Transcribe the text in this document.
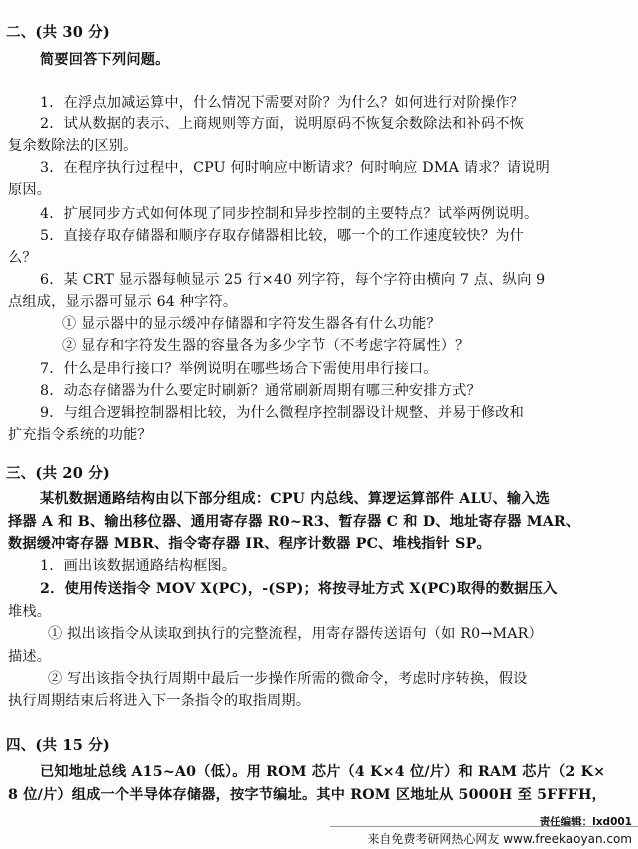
二、(共 30 分)
简要回答下列问题。
1．在浮点加减运算中，什么情况下需要对阶？为什么？如何进行对阶操作？
2．试从数据的表示、上商规则等方面，说明原码不恢复余数除法和补码不恢
复余数除法的区别。
3．在程序执行过程中，CPU 何时响应中断请求？何时响应 DMA 请求？请说明
原因。
4．扩展同步方式如何体现了同步控制和异步控制的主要特点？试举两例说明。
5．直接存取存储器和顺序存取存储器相比较，哪一个的工作速度较快？为什
么？
6．某 CRT 显示器每帧显示 25 行×40 列字符，每个字符由横向 7 点、纵向 9
点组成，显示器可显示 64 种字符。
① 显示器中的显示缓冲存储器和字符发生器各有什么功能？
② 显存和字符发生器的容量各为多少字节（不考虑字符属性）？
7．什么是串行接口？举例说明在哪些场合下需使用串行接口。
8．动态存储器为什么要定时刷新？通常刷新周期有哪三种安排方式？
9．与组合逻辑控制器相比较，为什么微程序控制器设计规整、并易于修改和
扩充指令系统的功能？
三、(共 20 分)
某机数据通路结构由以下部分组成：CPU 内总线、算逻运算部件 ALU、输入选
择器 A 和 B、输出移位器、通用寄存器 R0~R3、暂存器 C 和 D、地址寄存器 MAR、
数据缓冲寄存器 MBR、指令寄存器 IR、程序计数器 PC、堆栈指针 SP。
1．画出该数据通路结构框图。
2．使用传送指令 MOV X(PC)，-(SP)；将按寻址方式 X(PC)取得的数据压入
堆栈。
① 拟出该指令从读取到执行的完整流程，用寄存器传送语句（如 R0→MAR）
描述。
② 写出该指令执行周期中最后一步操作所需的微命令，考虑时序转换，假设
执行周期结束后将进入下一条指令的取指周期。
四、(共 15 分)
已知地址总线 A15~A0（低）。用 ROM 芯片（4 K×4 位/片）和 RAM 芯片（2 K×
8 位/片）组成一个半导体存储器，按字节编址。其中 ROM 区地址从 5000H 至 5FFFH，
责任编辑：lxd001
来自免费考研网热心网友 www.freekaoyan.com
